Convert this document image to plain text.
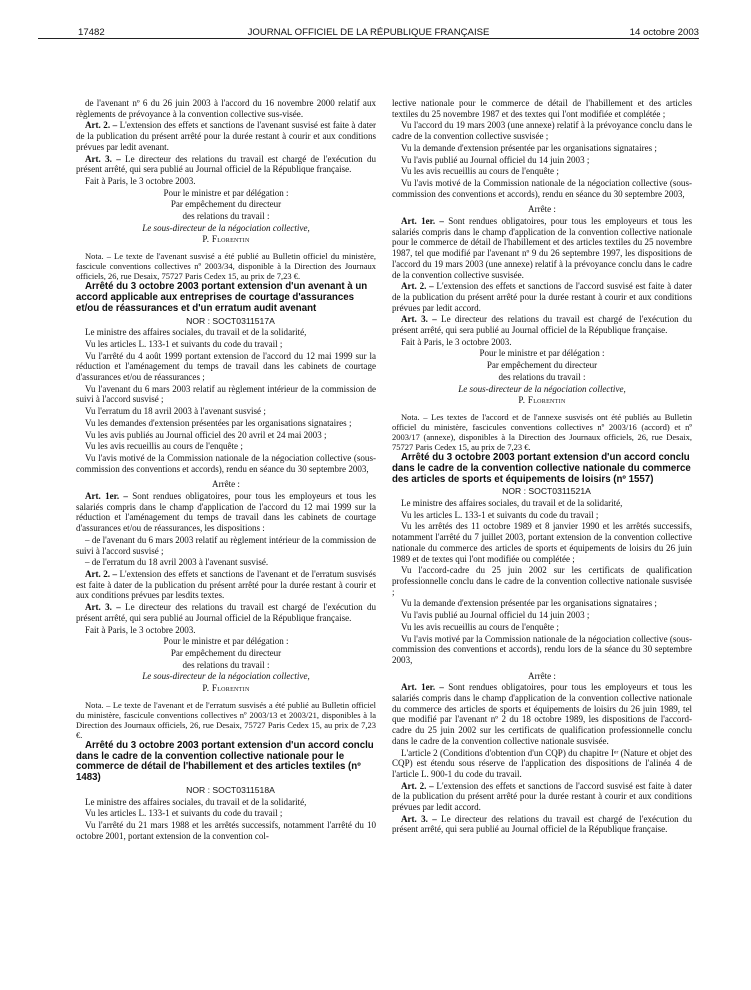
17482	JOURNAL OFFICIEL DE LA RÉPUBLIQUE FRANÇAISE	14 octobre 2003

de l'avenant nº 6 du 26 juin 2003 à l'accord du 16 novembre 2000 relatif aux règlements de prévoyance à la convention collective sus-visée.

Art. 2. – L'extension des effets et sanctions de l'avenant susvisé est faite à dater de la publication du présent arrêté pour la durée restant à courir et aux conditions prévues par ledit avenant.

Art. 3. – Le directeur des relations du travail est chargé de l'exécution du présent arrêté, qui sera publié au Journal officiel de la République française.

Fait à Paris, le 3 octobre 2003.

Pour le ministre et par délégation :

Par empêchement du directeur

des relations du travail :

Le sous-directeur de la négociation collective,

P. Florentin

Nota. – Le texte de l'avenant susvisé a été publié au Bulletin officiel du ministère, fascicule conventions collectives nº 2003/34, disponible à la Direction des Journaux officiels, 26, rue Desaix, 75727 Paris Cedex 15, au prix de 7,23 €.

Arrêté du 3 octobre 2003 portant extension d'un avenant à un accord applicable aux entreprises de courtage d'assurances et/ou de réassurances et d'un erratum audit avenant

NOR : SOCT0311517A

Le ministre des affaires sociales, du travail et de la solidarité,

Vu les articles L. 133-1 et suivants du code du travail ;

Vu l'arrêté du 4 août 1999 portant extension de l'accord du 12 mai 1999 sur la réduction et l'aménagement du temps de travail dans les cabinets de courtage d'assurances et/ou de réassurances ;

Vu l'avenant du 6 mars 2003 relatif au règlement intérieur de la commission de suivi à l'accord susvisé ;

Vu l'erratum du 18 avril 2003 à l'avenant susvisé ;

Vu les demandes d'extension présentées par les organisations signataires ;

Vu les avis publiés au Journal officiel des 20 avril et 24 mai 2003 ;

Vu les avis recueillis au cours de l'enquête ;

Vu l'avis motivé de la Commission nationale de la négociation collective (sous-commission des conventions et accords), rendu en séance du 30 septembre 2003,

Arrête :

Art. 1er. – Sont rendues obligatoires, pour tous les employeurs et tous les salariés compris dans le champ d'application de l'accord du 12 mai 1999 sur la réduction et l'aménagement du temps de travail dans les cabinets de courtage d'assurances et/ou de réassurances, les dispositions :

– de l'avenant du 6 mars 2003 relatif au règlement intérieur de la commission de suivi à l'accord susvisé ;

– de l'erratum du 18 avril 2003 à l'avenant susvisé.

Art. 2. – L'extension des effets et sanctions de l'avenant et de l'erratum susvisés est faite à dater de la publication du présent arrêté pour la durée restant à courir et aux conditions prévues par lesdits textes.

Art. 3. – Le directeur des relations du travail est chargé de l'exécution du présent arrêté, qui sera publié au Journal officiel de la République française.

Fait à Paris, le 3 octobre 2003.

Pour le ministre et par délégation :

Par empêchement du directeur

des relations du travail :

Le sous-directeur de la négociation collective,

P. Florentin

Nota. – Le texte de l'avenant et de l'erratum susvisés a été publié au Bulletin officiel du ministère, fascicule conventions collectives nº 2003/13 et 2003/21, disponibles à la Direction des Journaux officiels, 26, rue Desaix, 75727 Paris Cedex 15, au prix de 7,23 €.

Arrêté du 3 octobre 2003 portant extension d'un accord conclu dans le cadre de la convention collective nationale pour le commerce de détail de l'habillement et des articles textiles (nº 1483)

NOR : SOCT0311518A

Le ministre des affaires sociales, du travail et de la solidarité,

Vu les articles L. 133-1 et suivants du code du travail ;

Vu l'arrêté du 21 mars 1988 et les arrêtés successifs, notamment l'arrêté du 10 octobre 2001, portant extension de la convention col-

lective nationale pour le commerce de détail de l'habillement et des articles textiles du 25 novembre 1987 et des textes qui l'ont modifiée et complétée ;

Vu l'accord du 19 mars 2003 (une annexe) relatif à la prévoyance conclu dans le cadre de la convention collective susvisée ;

Vu la demande d'extension présentée par les organisations signataires ;

Vu l'avis publié au Journal officiel du 14 juin 2003 ;

Vu les avis recueillis au cours de l'enquête ;

Vu l'avis motivé de la Commission nationale de la négociation collective (sous-commission des conventions et accords), rendu en séance du 30 septembre 2003,

Arrête :

Art. 1er. – Sont rendues obligatoires, pour tous les employeurs et tous les salariés compris dans le champ d'application de la convention collective nationale pour le commerce de détail de l'habillement et des articles textiles du 25 novembre 1987, tel que modifié par l'avenant nº 9 du 26 septembre 1997, les dispositions de l'accord du 19 mars 2003 (une annexe) relatif à la prévoyance conclu dans le cadre de la convention collective susvisée.

Art. 2. – L'extension des effets et sanctions de l'accord susvisé est faite à dater de la publication du présent arrêté pour la durée restant à courir et aux conditions prévues par ledit accord.

Art. 3. – Le directeur des relations du travail est chargé de l'exécution du présent arrêté, qui sera publié au Journal officiel de la République française.

Fait à Paris, le 3 octobre 2003.

Pour le ministre et par délégation :

Par empêchement du directeur

des relations du travail :

Le sous-directeur de la négociation collective,

P. Florentin

Nota. – Les textes de l'accord et de l'annexe susvisés ont été publiés au Bulletin officiel du ministère, fascicules conventions collectives nº 2003/16 (accord) et nº 2003/17 (annexe), disponibles à la Direction des Journaux officiels, 26, rue Desaix, 75727 Paris Cedex 15, au prix de 7,23 €.

Arrêté du 3 octobre 2003 portant extension d'un accord conclu dans le cadre de la convention collective nationale du commerce des articles de sports et équipements de loisirs (nº 1557)

NOR : SOCT0311521A

Le ministre des affaires sociales, du travail et de la solidarité,

Vu les articles L. 133-1 et suivants du code du travail ;

Vu les arrêtés des 11 octobre 1989 et 8 janvier 1990 et les arrêtés successifs, notamment l'arrêté du 7 juillet 2003, portant extension de la convention collective nationale du commerce des articles de sports et équipements de loisirs du 26 juin 1989 et de textes qui l'ont modifiée ou complétée ;

Vu l'accord-cadre du 25 juin 2002 sur les certificats de qualification professionnelle conclu dans le cadre de la convention collective nationale susvisée ;

Vu la demande d'extension présentée par les organisations signataires ;

Vu l'avis publié au Journal officiel du 14 juin 2003 ;

Vu les avis recueillis au cours de l'enquête ;

Vu l'avis motivé par la Commission nationale de la négociation collective (sous-commission des conventions et accords), rendu lors de la séance du 30 septembre 2003,

Arrête :

Art. 1er. – Sont rendues obligatoires, pour tous les employeurs et tous les salariés compris dans le champ d'application de la convention collective nationale du commerce des articles de sports et équipements de loisirs du 26 juin 1989, tel que modifié par l'avenant nº 2 du 18 octobre 1989, les dispositions de l'accord-cadre du 25 juin 2002 sur les certificats de qualification professionnelle conclu dans le cadre de la convention collective nationale susvisée.

L'article 2 (Conditions d'obtention d'un CQP) du chapitre Iᵉʳ (Nature et objet des CQP) est étendu sous réserve de l'application des dispositions de l'alinéa 4 de l'article L. 900-1 du code du travail.

Art. 2. – L'extension des effets et sanctions de l'accord susvisé est faite à dater de la publication du présent arrêté pour la durée restant à courir et aux conditions prévues par ledit accord.

Art. 3. – Le directeur des relations du travail est chargé de l'exécution du présent arrêté, qui sera publié au Journal officiel de la République française.
